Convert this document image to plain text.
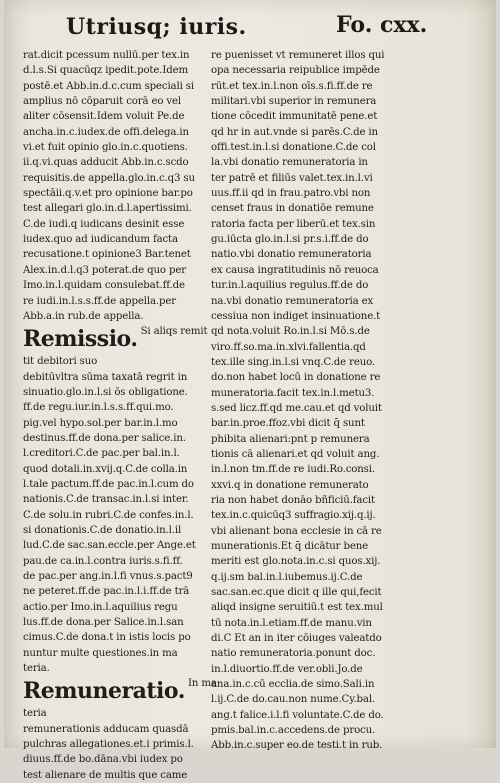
Utriusq; iuris.	Fo. cxx.
rat.dicit pcessum nullū.per tex.in
d.l.s.Si quacūqz ipedit.pote.Idem
postē.et Abb.in.d.c.cum speciali si
amplius nō cōparuit corā eo vel
aliter cōsensit.Idem voluit Pe.de
ancha.in.c.iudex.de offi.delega.in
vi.et fuit opinio glo.in.c.quotiens.
ii.q.vi.quas adducit Abb.in.c.scdo
requisitis.de appella.glo.in.c.q3 su
spectāii.q.v.et pro opinione bar.po
test allegari glo.in.d.l.apertissimi.
C.de iudi.q iudicans desinit esse
iudex.quo ad iudicandum facta
recusatione.t opinione3 Bar.tenet
Alex.in.d.l.q3 poterat.de quo per
Imo.in.l.quidam consulebat.ff.de
re iudi.in.l.s.s.ff.de appella.per
Abb.a.in rub.de appella.
Remissio. Si aliqs remit
tit debitori suo
debitūvltra sūma taxatā regrit in
sinuatio.glo.in.l.si ōs obligatione.
ff.de regu.iur.in.l.s.s.ff.qui.mo.
pig.vel hypo.sol.per bar.in.l.mo
destinus.ff.de dona.per salice.in.
l.creditori.C.de pac.per bal.in.l.
quod dotali.in.xvij.q.C.de colla.in
l.tale pactum.ff.de pac.in.l.cum do
nationis.C.de transac.in.l.si inter.
C.de solu.in rubri.C.de confes.in.l.
si donationis.C.de donatio.in.l.il
lud.C.de sac.san.eccle.per Ange.et
pau.de ca.in.l.contra iuris.s.fi.ff.
de pac.per ang.in.l.fi vnus.s.pact9
ne peteret.ff.de pac.in.l.i.ff.de trā
actio.per Imo.in.l.aquilius regu
lus.ff.de dona.per Salice.in.l.san
cimus.C.de dona.t in istis locis po
nuntur multe questiones.in ma
teria.
Remuneratio. In ma
teria
remunerationis adducam quasdā
pulchras allegationes.et.i primis.l.
diuus.ff.de bo.dāna.vbi iudex po
test alienare de multis que came
re puenisset vt remuneret illos qui
opa necessaria reipublice impēde
rūt.et tex.in.l.non oīs.s.fi.ff.de re
militari.vbi superior in remunera
tione cōcedit immunitatē pene.et
qd hr in aut.vnde si parēs.C.de in
offi.test.in.l.si donatione.C.de col
la.vbi donatio remuneratoria in
ter patrē et filiūs valet.tex.in.l.vi
uus.ff.ii qd in frau.patro.vbi non
censet fraus in donatiōe remune
ratoria facta per liberū.et tex.sin
gu.iūcta glo.in.l.si pr.s.i.ff.de do
natio.vbi donatio remuneratoria
ex causa ingratitudinis nō reuoca
tur.in.l.aquilius regulus.ff.de do
na.vbi donatio remuneratoria ex
cessiua non indiget insinuatione.t
qd nota.voluit Ro.in.l.si Mō.s.de
viro.ff.so.ma.in.xlvi.fallentia.qd
tex.ille sing.in.l.si vnq.C.de reuo.
do.non habet locū in donatione re
muneratoria.facit tex.in.l.metu3.
s.sed licz.ff.qd me.cau.et qd voluit
bar.in.proe.ffoz.vbi dicit q̄ sunt
phibita alienari:pnt p remunera
tionis cā alienari.et qd voluit ang.
in.l.non tm.ff.de re iudi.Ro.consi.
xxvi.q in donatione remunerato
ria non habet donāo bñficiū.facit
tex.in.c.quicūq3 suffragio.xij.q.ij.
vbi alienant bona ecclesie in cā re
munerationis.Et q̄ dicātur bene
meriti est glo.nota.in.c.si quos.xij.
q.ij.sm bal.in.l.iubemus.ij.C.de
sac.san.ec.que dicit q ille qui,fecit
aliqd insigne seruitiū.t est tex.mul
tū nota.in.l.etiam.ff.de manu.vin
di.C Et an in iter cōiuges valeatdo
natio remuneratoria.ponunt doc.
in.l.diuortio.ff.de ver.obli.Jo.de
ana.in.c.cū ecclia.de simo.Sali.in
l.ij.C.de do.cau.non nume.Cy.bal.
ang.t falice.i.l.fi voluntate.C.de do.
pmis.bal.in.c.accedens.de procu.
Abb.in.c.super eo.de testi.t in rub.
